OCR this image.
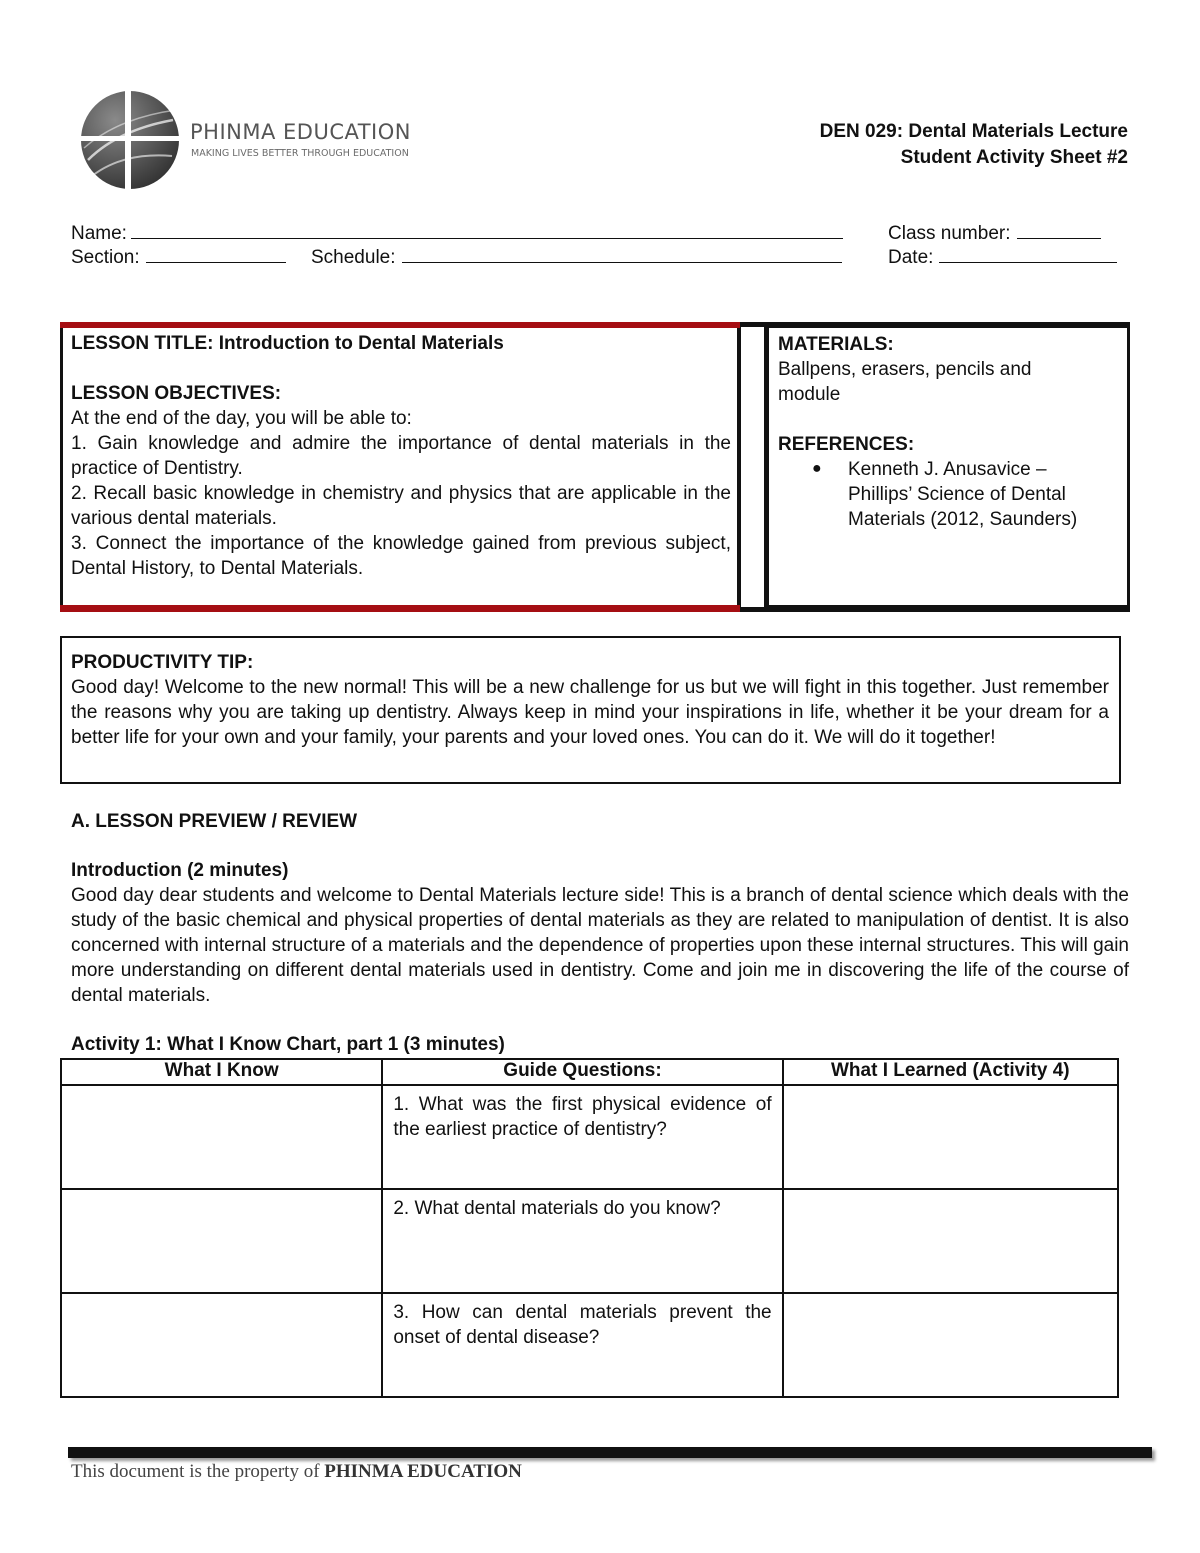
PHINMA EDUCATION
MAKING LIVES BETTER THROUGH EDUCATION
DEN 029: Dental Materials Lecture
Student Activity Sheet #2
Name:	Class number:
Section:	Schedule:	Date:
LESSON TITLE: Introduction to Dental Materials
LESSON OBJECTIVES:
At the end of the day, you will be able to:
1. Gain knowledge and admire the importance of dental materials in the practice of Dentistry.
2. Recall basic knowledge in chemistry and physics that are applicable in the various dental materials.
3. Connect the importance of the knowledge gained from previous subject, Dental History, to Dental Materials.
MATERIALS:
Ballpens, erasers, pencils and module
REFERENCES:
● Kenneth J. Anusavice – Phillips’ Science of Dental Materials (2012, Saunders)
PRODUCTIVITY TIP:
Good day! Welcome to the new normal! This will be a new challenge for us but we will fight in this together. Just remember the reasons why you are taking up dentistry. Always keep in mind your inspirations in life, whether it be your dream for a better life for your own and your family, your parents and your loved ones. You can do it. We will do it together!
A. LESSON PREVIEW / REVIEW
Introduction (2 minutes)
Good day dear students and welcome to Dental Materials lecture side! This is a branch of dental science which deals with the study of the basic chemical and physical properties of dental materials as they are related to manipulation of dentist. It is also concerned with internal structure of a materials and the dependence of properties upon these internal structures. This will gain more understanding on different dental materials used in dentistry. Come and join me in discovering the life of the course of dental materials.
Activity 1: What I Know Chart, part 1 (3 minutes)
What I Know	Guide Questions:	What I Learned (Activity 4)
	1. What was the first physical evidence of the earliest practice of dentistry?	
	2. What dental materials do you know?	
	3. How can dental materials prevent the onset of dental disease?	
This document is the property of PHINMA EDUCATION
